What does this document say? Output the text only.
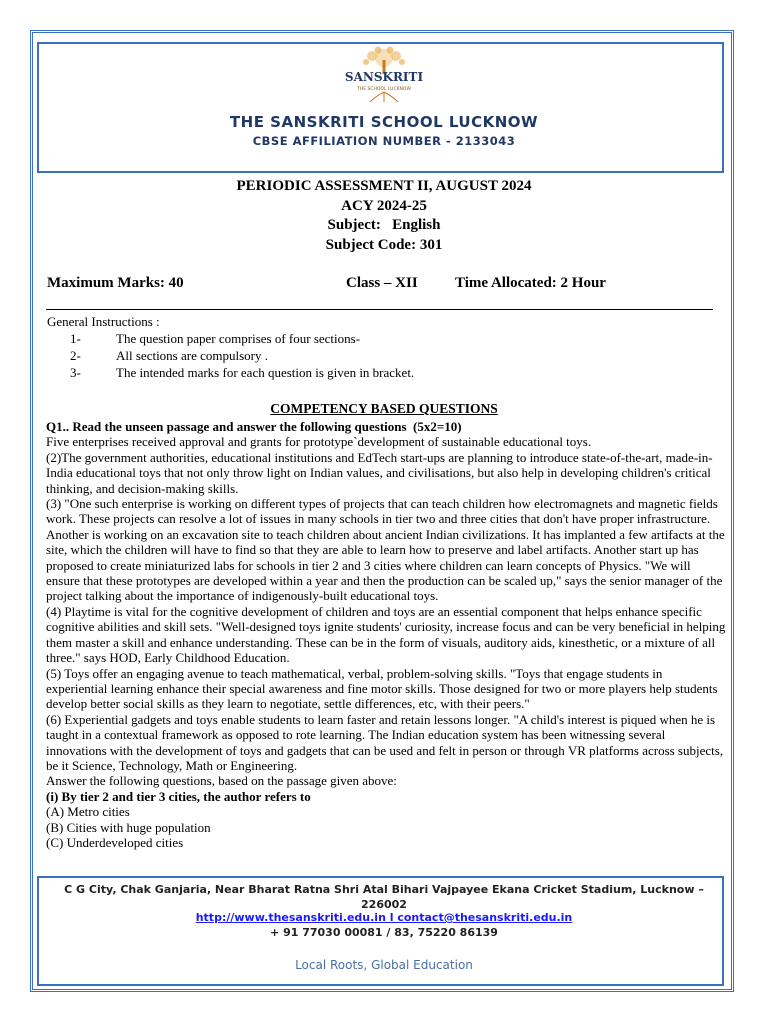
SANSKRITI
THE SCHOOL LUCKNOW
THE SANSKRITI SCHOOL LUCKNOW
CBSE AFFILIATION NUMBER - 2133043
PERIODIC ASSESSMENT II, AUGUST 2024
ACY 2024-25
Subject:   English
Subject Code: 301
Maximum Marks: 40	Class – XII Time Allocated: 2 Hour
General Instructions :
1-	The question paper comprises of four sections-
2-	All sections are compulsory .
3-	The intended marks for each question is given in bracket.
COMPETENCY BASED QUESTIONS

Q1.. Read the unseen passage and answer the following questions  (5x2=10)

Five enterprises received approval and grants for prototype`development of sustainable educational toys.

(2)The government authorities, educational institutions and EdTech start-ups are planning to introduce state-of-the-art, made-in-India educational toys that not only throw light on Indian values, and civilisations, but also help in developing children's critical thinking, and decision-making skills.

(3) "One such enterprise is working on different types of projects that can teach children how electromagnets and magnetic fields work. These projects can resolve a lot of issues in many schools in tier two and three cities that don't have proper infrastructure. Another is working on an excavation site to teach children about ancient Indian civilizations. It has implanted a few artifacts at the site, which the children will have to find so that they are able to learn how to preserve and label artifacts. Another start up has proposed to create miniaturized labs for schools in tier 2 and 3 cities where children can learn concepts of Physics. "We will ensure that these prototypes are developed within a year and then the production can be scaled up," says the senior manager of the project talking about the importance of indigenously-built educational toys.

(4) Playtime is vital for the cognitive development of children and toys are an essential component that helps enhance specific cognitive abilities and skill sets. "Well-designed toys ignite students' curiosity, increase focus and can be very beneficial in helping them master a skill and enhance understanding. These can be in the form of visuals, auditory aids, kinesthetic, or a mixture of all three." says HOD, Early Childhood Education.

(5) Toys offer an engaging avenue to teach mathematical, verbal, problem-solving skills. "Toys that engage students in experiential learning enhance their special awareness and fine motor skills. Those designed for two or more players help students develop better social skills as they learn to negotiate, settle differences, etc, with their peers."

(6) Experiential gadgets and toys enable students to learn faster and retain lessons longer. "A child's interest is piqued when he is taught in a contextual framework as opposed to rote learning. The Indian education system has been witnessing several innovations with the development of toys and gadgets that can be used and felt in person or through VR platforms across subjects, be it Science, Technology, Math or Engineering.

Answer the following questions, based on the passage given above:

(i) By tier 2 and tier 3 cities, the author refers to

(A) Metro cities

(B) Cities with huge population

(C) Underdeveloped cities

C G City, Chak Ganjaria, Near Bharat Ratna Shri Atal Bihari Vajpayee Ekana Cricket Stadium, Lucknow –
226002
http://www.thesanskriti.edu.in l contact@thesanskriti.edu.in
+ 91 77030 00081 / 83, 75220 86139
Local Roots, Global Education
